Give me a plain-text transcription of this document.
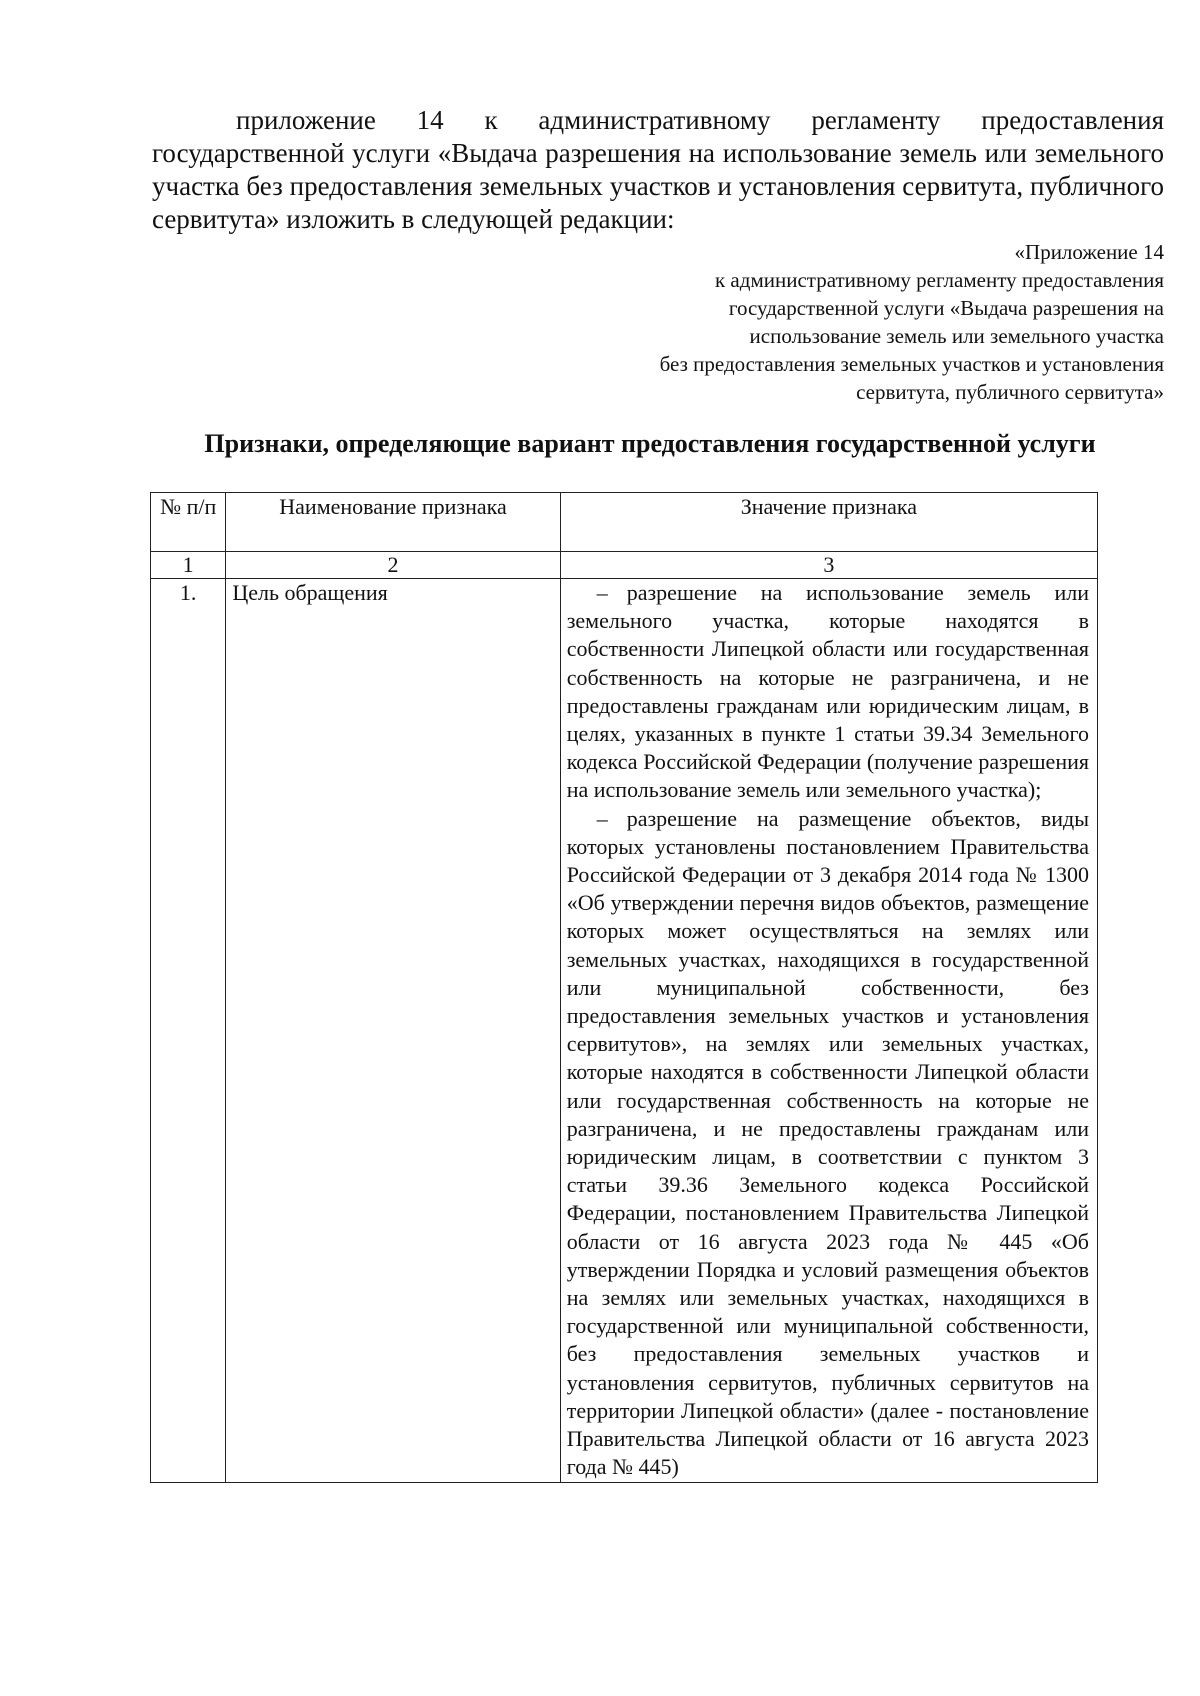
приложение 14 к административному регламенту предоставления государственной услуги «Выдача разрешения на использование земель или земельного участка без предоставления земельных участков и установления сервитута, публичного сервитута» изложить в следующей редакции:

«Приложение 14
к административному регламенту предоставления
государственной услуги «Выдача разрешения на
использование земель или земельного участка
без предоставления земельных участков и установления
сервитута, публичного сервитута»
Признаки, определяющие вариант предоставления государственной услуги
№ п/п	Наименование признака	Значение признака
1	2	3
1.	Цель обращения	– разрешение на использование земель или земельного участка, которые находятся в собственности Липецкой области или государственная собственность на которые не разграничена, и не предоставлены гражданам или юридическим лицам, в целях, указанных в пункте 1 статьи 39.34 Земельного кодекса Российской Федерации (получение разрешения на использование земель или земельного участка);
– разрешение на размещение объектов, виды которых установлены постановлением Правительства Российской Федерации от 3 декабря 2014 года № 1300 «Об утверждении перечня видов объектов, размещение которых может осуществляться на землях или земельных участках, находящихся в государственной или муниципальной собственности, без предоставления земельных участков и установления сервитутов», на землях или земельных участках, которые находятся в собственности Липецкой области или государственная собственность на которые не разграничена, и не предоставлены гражданам или юридическим лицам, в соответствии с пунктом 3 статьи 39.36 Земельного кодекса Российской Федерации, постановлением Правительства Липецкой области от 16 августа 2023 года № 445 «Об утверждении Порядка и условий размещения объектов на землях или земельных участках, находящихся в государственной или муниципальной собственности, без предоставления земельных участков и установления сервитутов, публичных сервитутов на территории Липецкой области» (далее - постановление Правительства Липецкой области от 16 августа 2023 года № 445)
